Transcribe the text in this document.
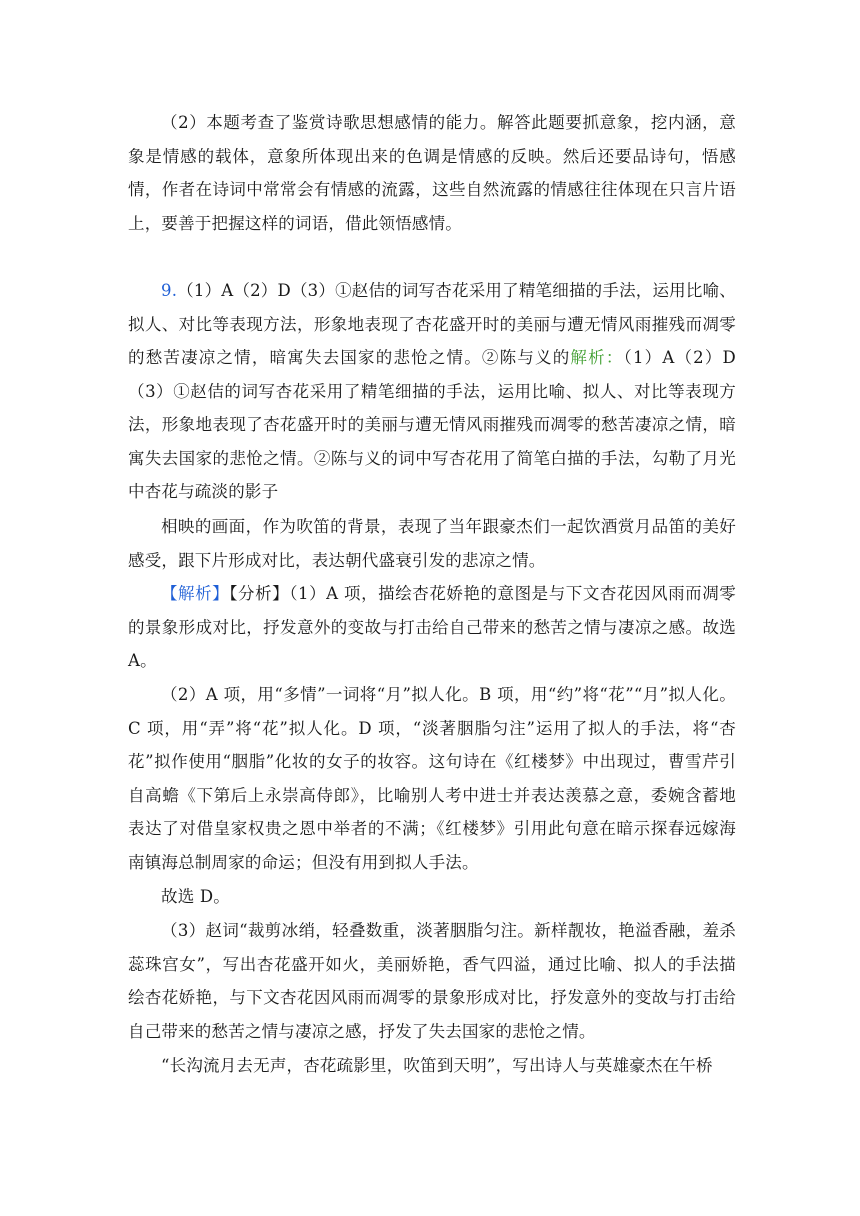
（2）本题考查了鉴赏诗歌思想感情的能力。解答此题要抓意象，挖内涵，意象是情感的载体，意象所体现出来的色调是情感的反映。然后还要品诗句，悟感情，作者在诗词中常常会有情感的流露，这些自然流露的情感往往体现在只言片语上，要善于把握这样的词语，借此领悟感情。

9.（1）A（2）D（3）①赵佶的词写杏花采用了精笔细描的手法，运用比喻、拟人、对比等表现方法，形象地表现了杏花盛开时的美丽与遭无情风雨摧残而凋零的愁苦凄凉之情，暗寓失去国家的悲怆之情。②陈与义的解析：（1）A（2）D（3）①赵佶的词写杏花采用了精笔细描的手法，运用比喻、拟人、对比等表现方法，形象地表现了杏花盛开时的美丽与遭无情风雨摧残而凋零的愁苦凄凉之情，暗寓失去国家的悲怆之情。②陈与义的词中写杏花用了简笔白描的手法，勾勒了月光中杏花与疏淡的影子

相映的画面，作为吹笛的背景，表现了当年跟豪杰们一起饮酒赏月品笛的美好感受，跟下片形成对比，表达朝代盛衰引发的悲凉之情。

【解析】【分析】（1）A 项，描绘杏花娇艳的意图是与下文杏花因风雨而凋零的景象形成对比，抒发意外的变故与打击给自己带来的愁苦之情与凄凉之感。故选 A。

（2）A 项，用“多情”一词将“月”拟人化。B 项，用“约”将“花”“月”拟人化。C 项，用“弄”将“花”拟人化。D 项，“淡著胭脂匀注”运用了拟人的手法，将“杏花”拟作使用“胭脂”化妆的女子的妆容。这句诗在《红楼梦》中出现过，曹雪芹引自高蟾《下第后上永崇高侍郎》，比喻别人考中进士并表达羡慕之意，委婉含蓄地表达了对借皇家权贵之恩中举者的不满；《红楼梦》引用此句意在暗示探春远嫁海南镇海总制周家的命运；但没有用到拟人手法。

故选 D。

（3）赵词“裁剪冰绡，轻叠数重，淡著胭脂匀注。新样靓妆，艳溢香融，羞杀蕊珠宫女”，写出杏花盛开如火，美丽娇艳，香气四溢，通过比喻、拟人的手法描绘杏花娇艳，与下文杏花因风雨而凋零的景象形成对比，抒发意外的变故与打击给自己带来的愁苦之情与凄凉之感，抒发了失去国家的悲怆之情。

“长沟流月去无声，杏花疏影里，吹笛到天明”，写出诗人与英雄豪杰在午桥
